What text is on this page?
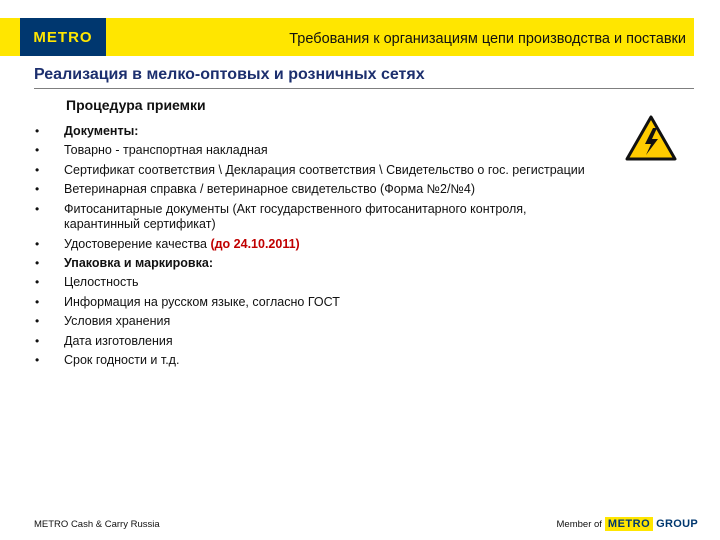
METRO	Требования к организациям цепи производства и поставки
Реализация в мелко-оптовых и розничных сетях
Процедура приемки
• Документы:
• Товарно - транспортная накладная
• Сертификат соответствия \ Декларация соответствия \ Свидетельство о гос. регистрации
• Ветеринарная справка / ветеринарное свидетельство (Форма №2/№4)
• Фитосанитарные документы (Акт государственного фитосанитарного контроля, карантинный сертификат)
• Удостоверение качества (до 24.10.2011)
• Упаковка и маркировка:
• Целостность
• Информация на русском языке, согласно ГОСТ
• Условия хранения
• Дата изготовления
• Срок годности и т.д.
METRO Cash & Carry Russia	Member of METRO GROUP
